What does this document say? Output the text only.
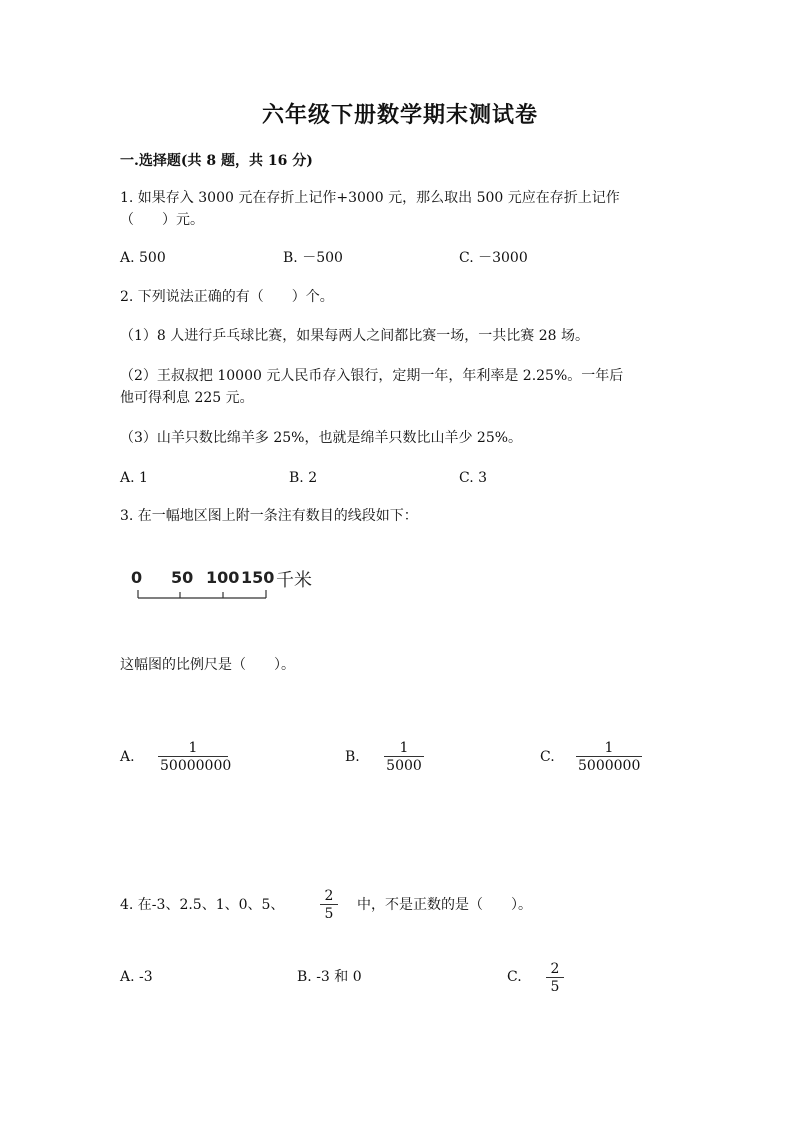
六年级下册数学期末测试卷
一.选择题(共 8 题，共 16 分)
1. 如果存入 3000 元在存折上记作+3000 元，那么取出 500 元应在存折上记作
（　　）元。
A. 500	B. －500	C. －3000
2. 下列说法正确的有（　　）个。
（1）8 人进行乒乓球比赛，如果每两人之间都比赛一场，一共比赛 28 场。
（2）王叔叔把 10000 元人民币存入银行，定期一年，年利率是 2.25%。一年后
他可得利息 225 元。
（3）山羊只数比绵羊多 25%，也就是绵羊只数比山羊少 25%。
A. 1	B. 2	C. 3
3. 在一幅地区图上附一条注有数目的线段如下：
0 50 100 150 千米
这幅图的比例尺是（　　）。
A. $\frac{1}{50000000}$	B. $\frac{1}{5000}$	C. $\frac{1}{5000000}$
4. 在-3、2.5、1、0、5、	$\frac{2}{5}$ 中，不是正数的是（　　）。
A. -3	B. -3 和 0	C. $\frac{2}{5}$
